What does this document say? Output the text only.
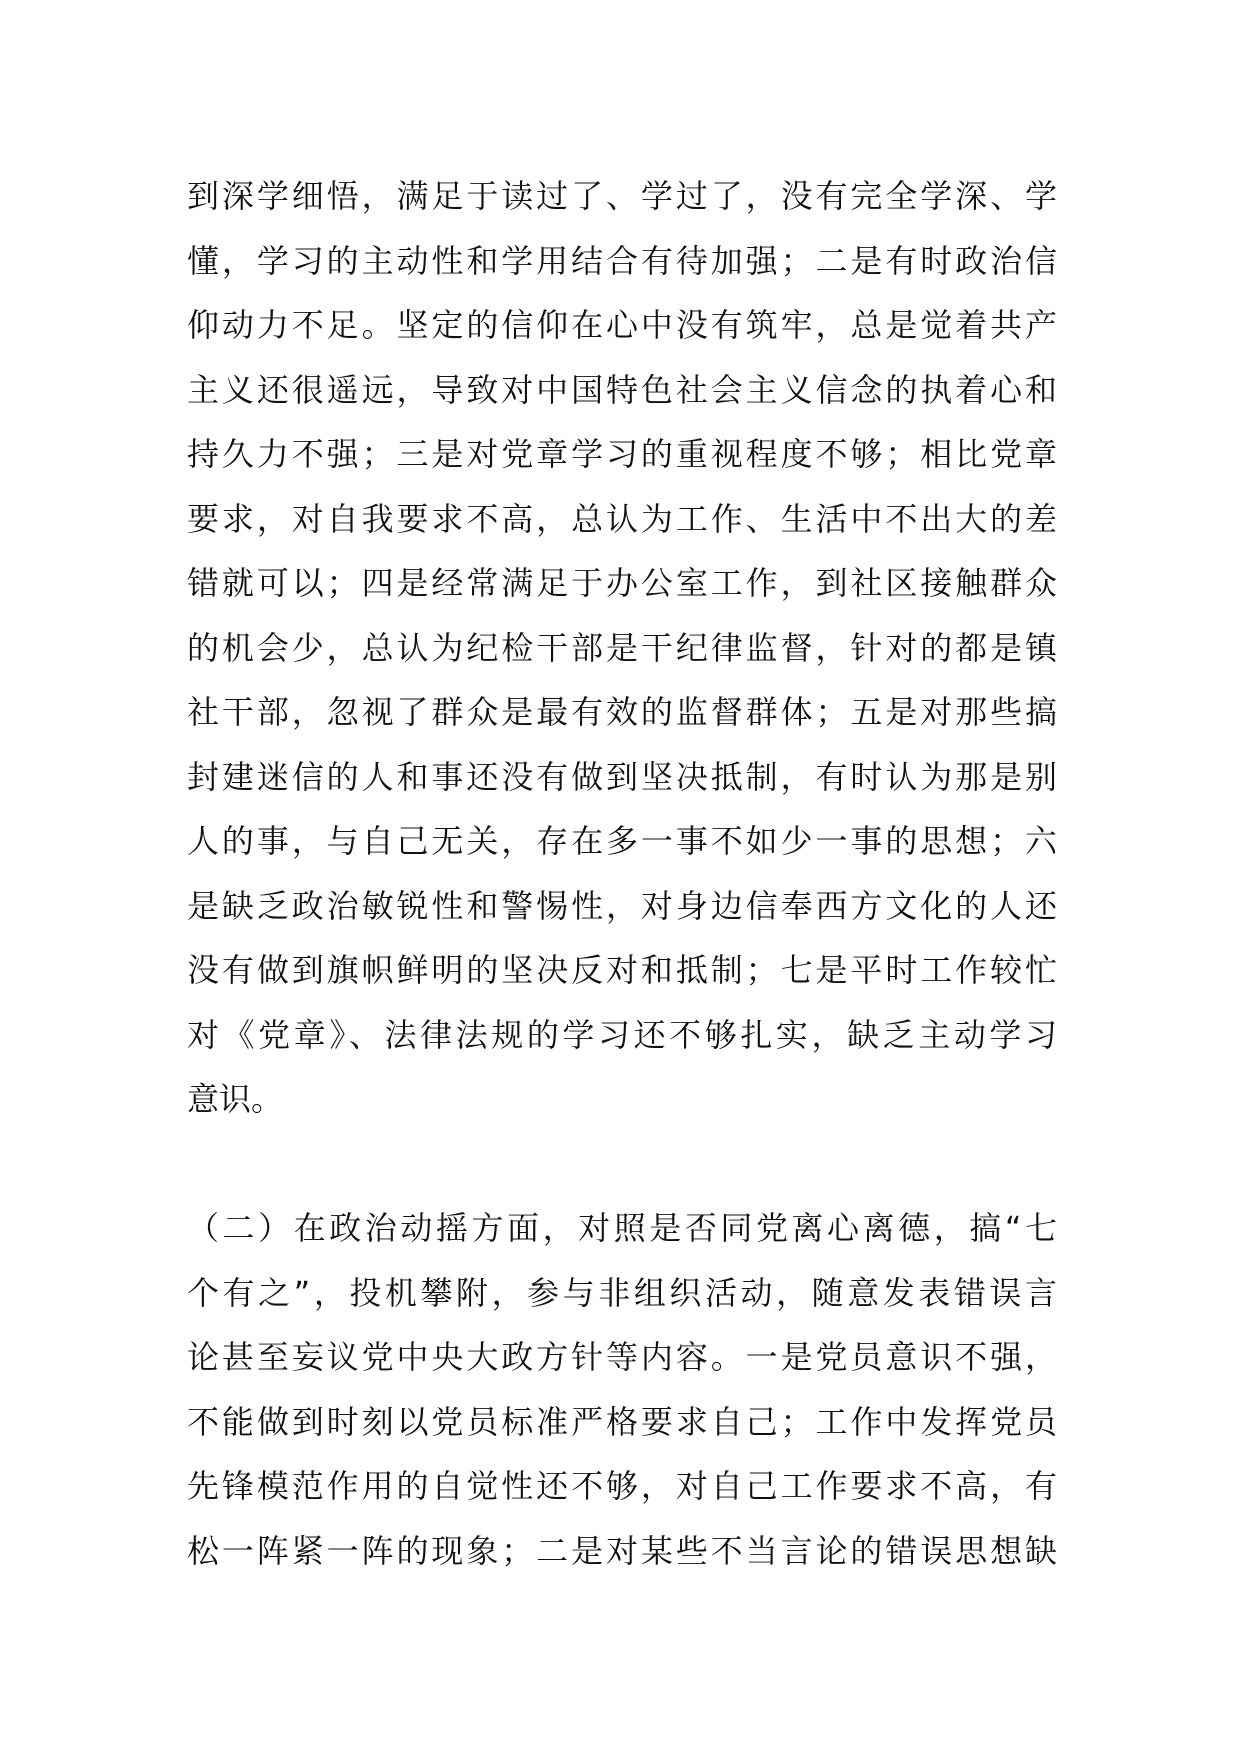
到深学细悟，满足于读过了、学过了，没有完全学深、学
懂，学习的主动性和学用结合有待加强；二是有时政治信
仰动力不足。坚定的信仰在心中没有筑牢，总是觉着共产
主义还很遥远，导致对中国特色社会主义信念的执着心和
持久力不强；三是对党章学习的重视程度不够；相比党章
要求，对自我要求不高，总认为工作、生活中不出大的差
错就可以；四是经常满足于办公室工作，到社区接触群众
的机会少，总认为纪检干部是干纪律监督，针对的都是镇
社干部，忽视了群众是最有效的监督群体；五是对那些搞
封建迷信的人和事还没有做到坚决抵制，有时认为那是别
人的事，与自己无关，存在多一事不如少一事的思想；六
是缺乏政治敏锐性和警惕性，对身边信奉西方文化的人还
没有做到旗帜鲜明的坚决反对和抵制；七是平时工作较忙
对《党章》、法律法规的学习还不够扎实，缺乏主动学习
意识。
（二）在政治动摇方面，对照是否同党离心离德，搞“七
个有之”，投机攀附，参与非组织活动，随意发表错误言
论甚至妄议党中央大政方针等内容。一是党员意识不强，
不能做到时刻以党员标准严格要求自己；工作中发挥党员
先锋模范作用的自觉性还不够，对自己工作要求不高，有
松一阵紧一阵的现象；二是对某些不当言论的错误思想缺
